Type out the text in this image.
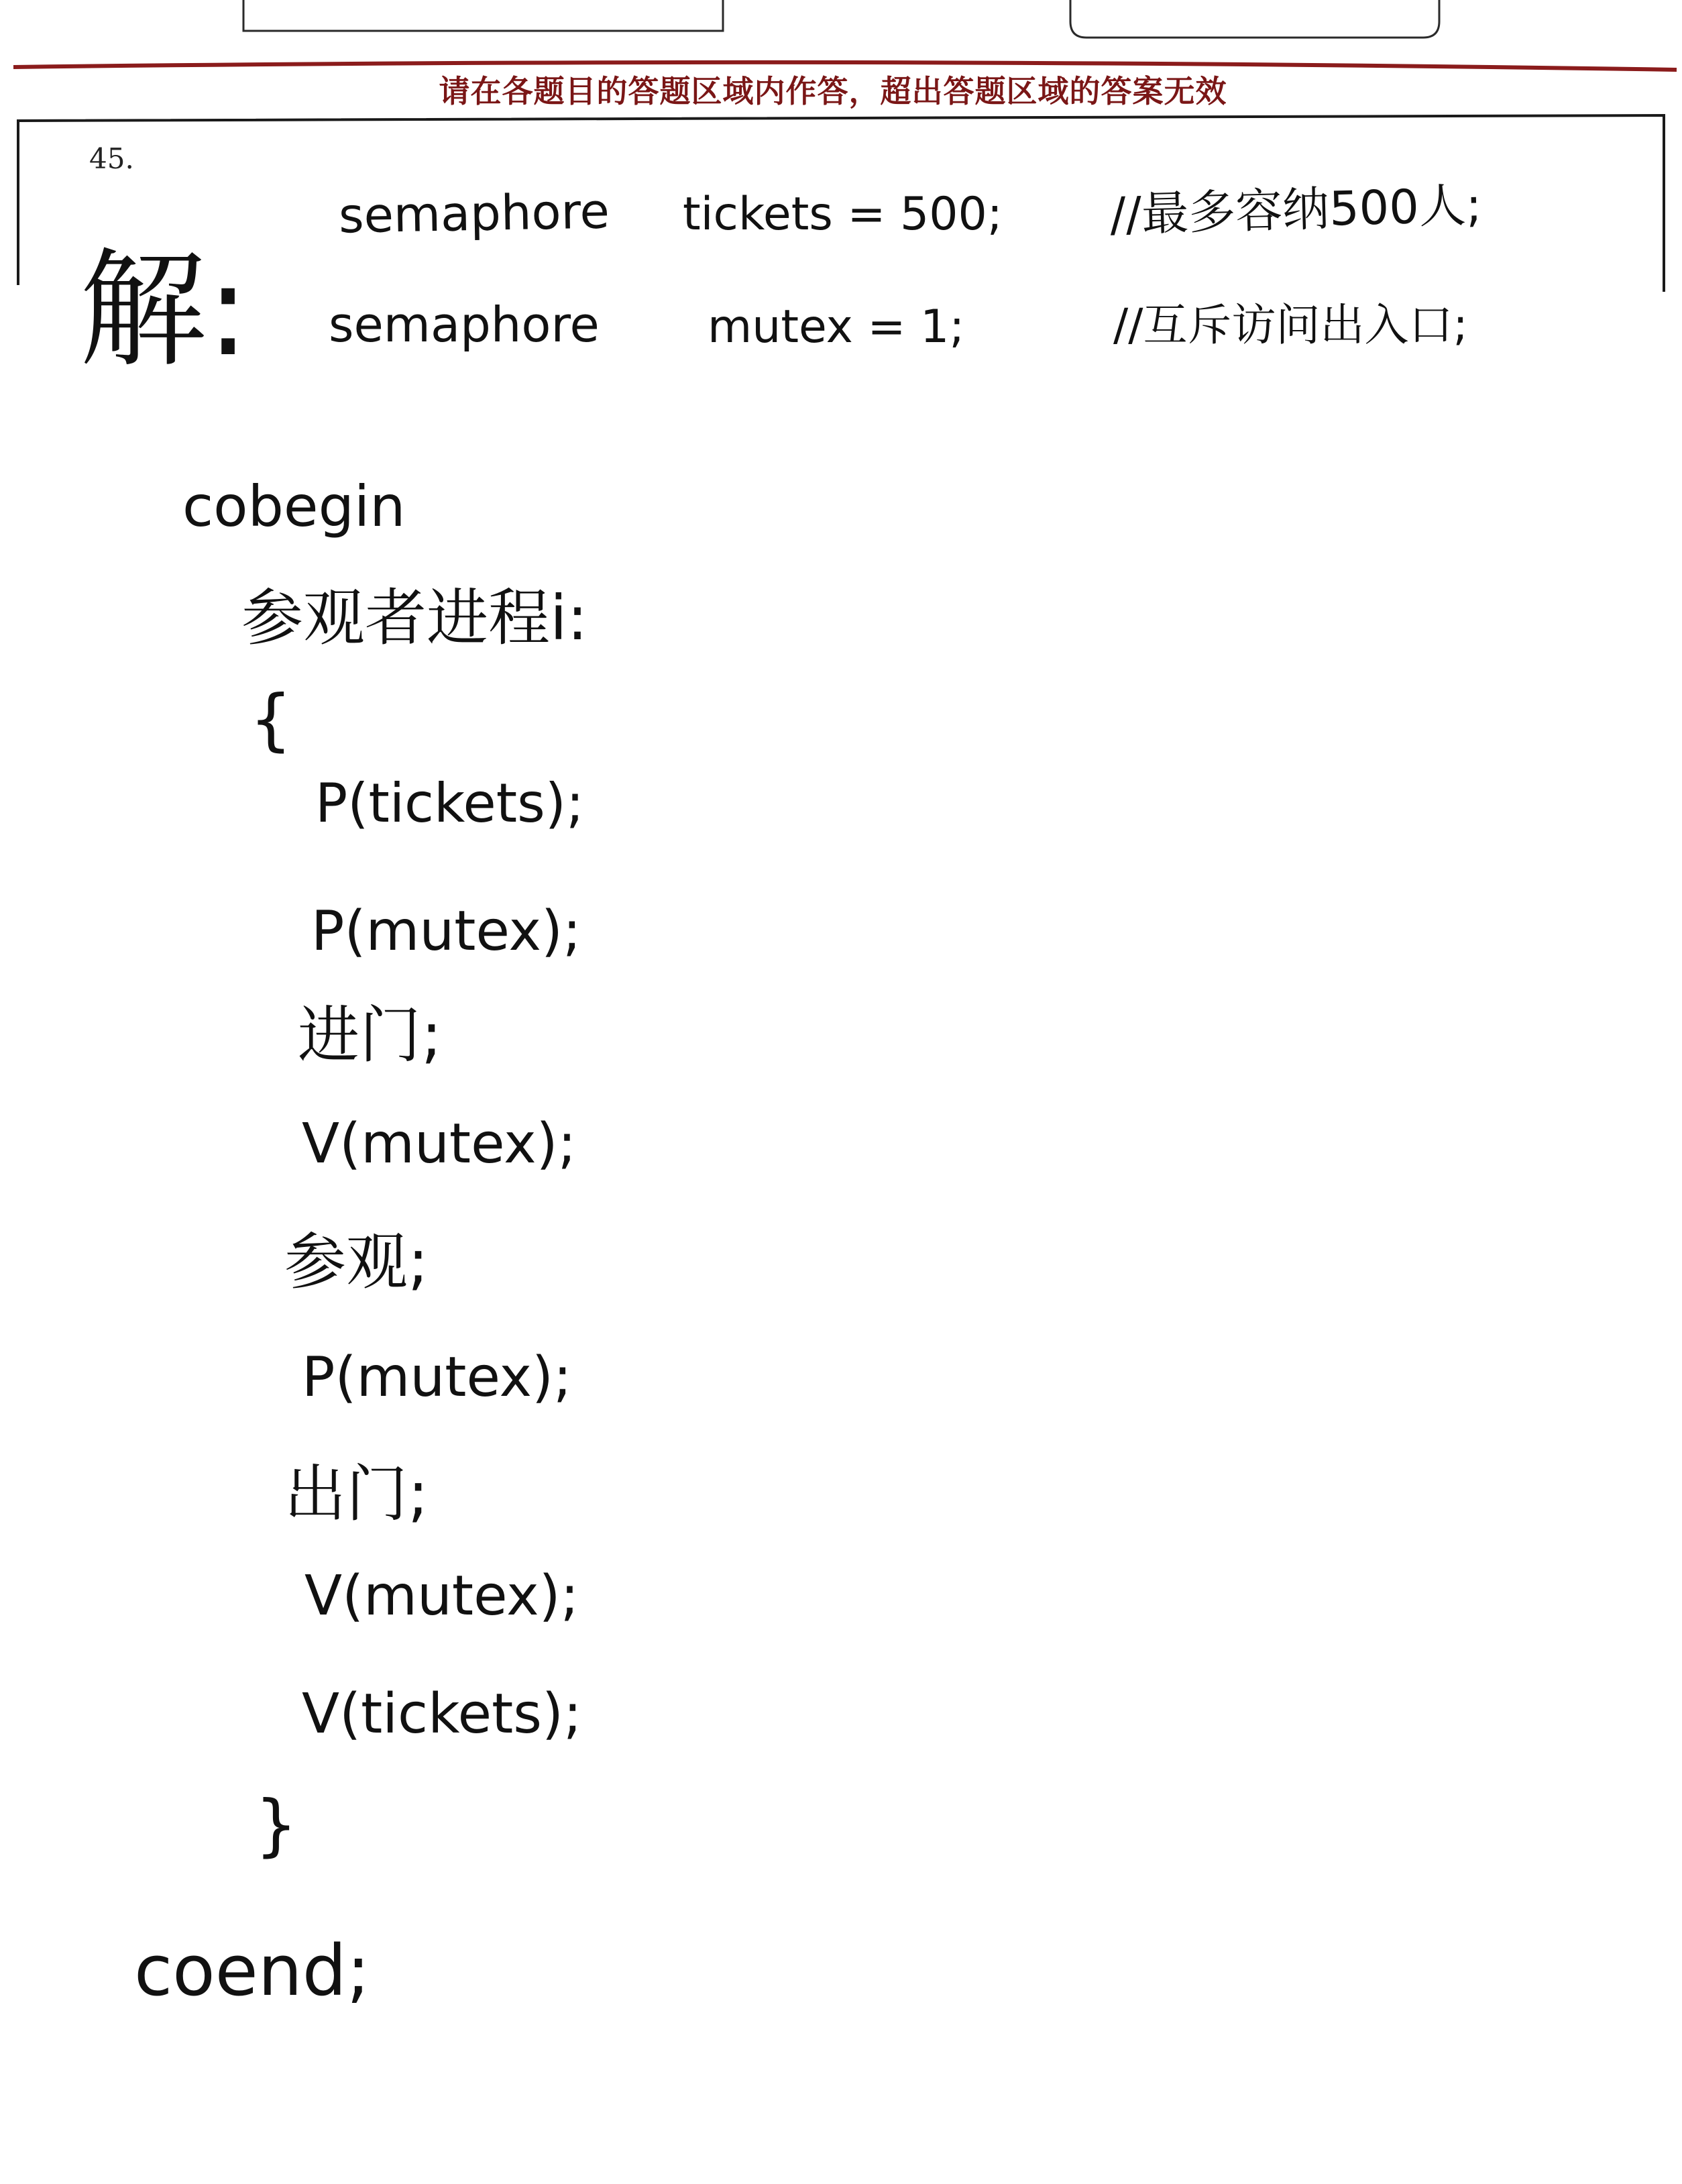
请在各题目的答题区域内作答，超出答题区域的答案无效
45.
解:
semaphore tickets = 500; //最多容纳500人;
semaphore mutex = 1;	//互斥访问出入口;
cobegin
参观者进程i:
{
P(tickets);
P(mutex);
进门;
V(mutex);
参观;
P(mutex);
出门;
V(mutex);
V(tickets);
}
coend;
